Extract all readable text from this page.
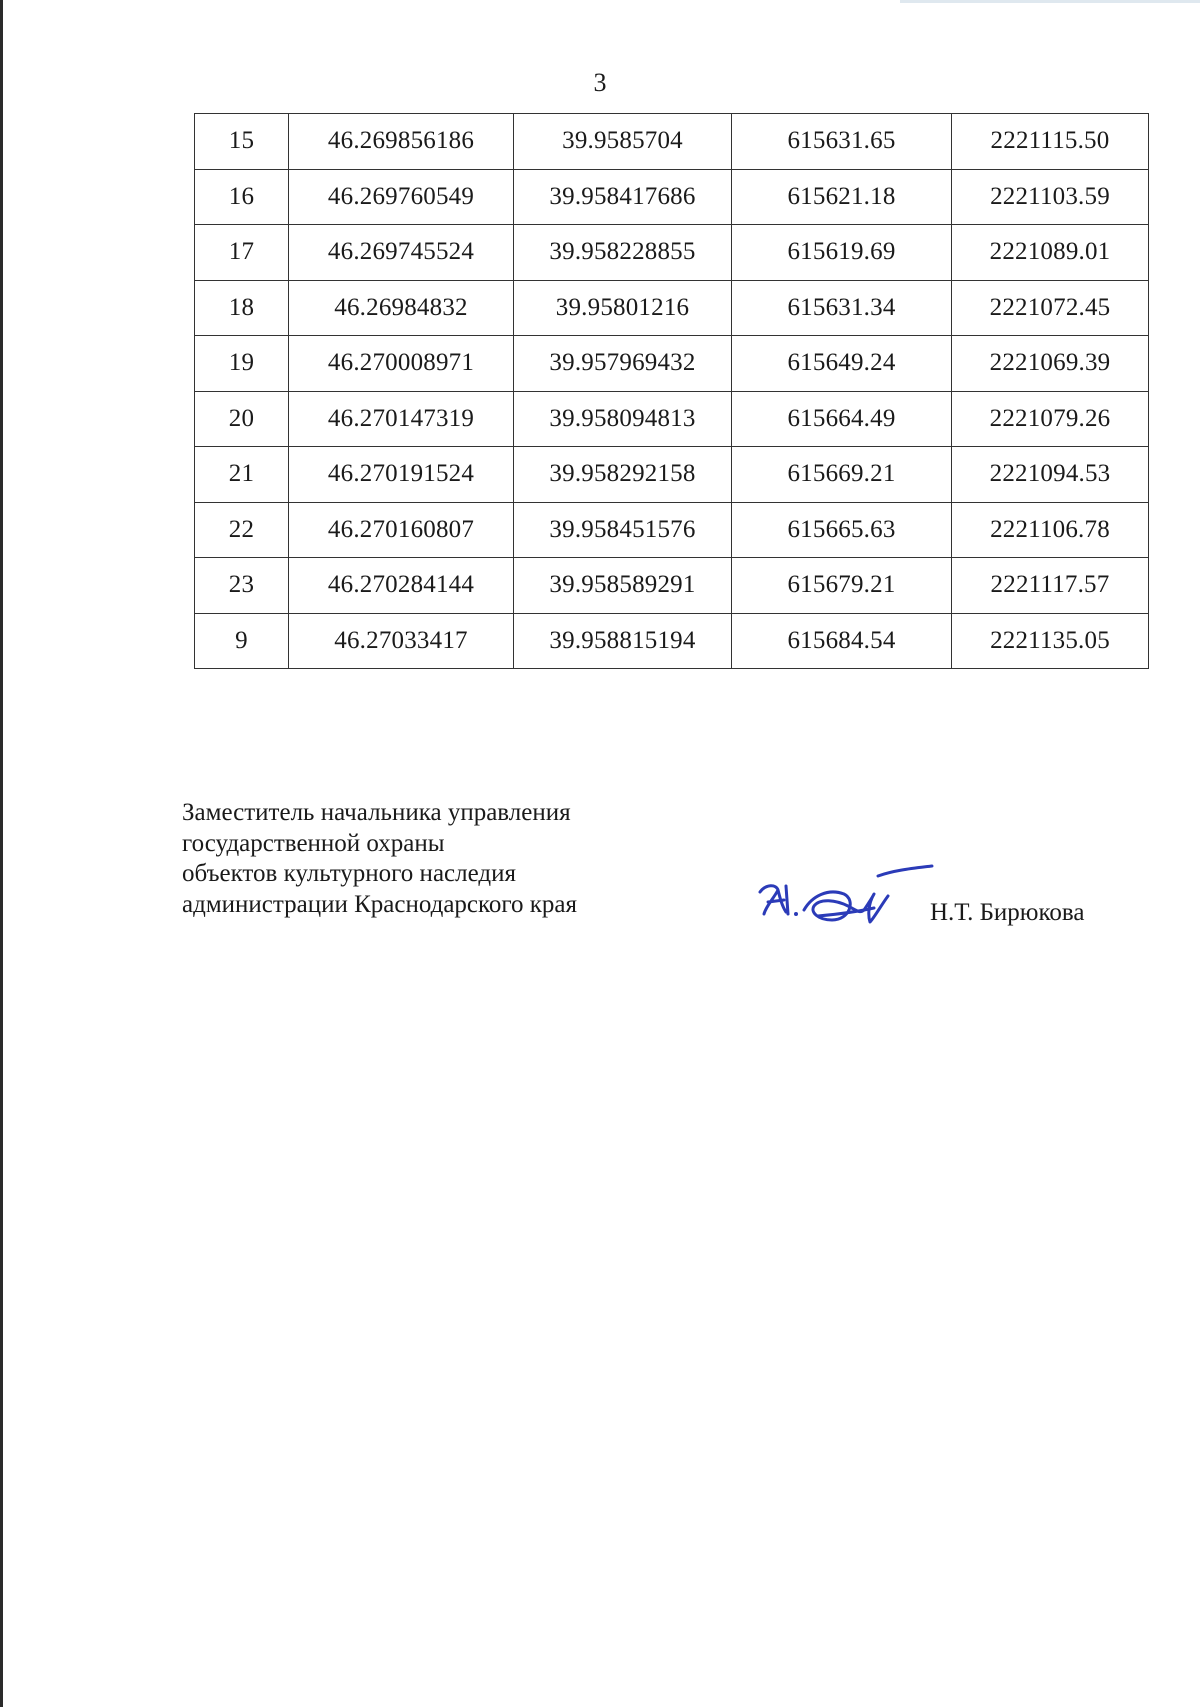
3
15	46.269856186	39.9585704	615631.65	2221115.50
16	46.269760549	39.958417686	615621.18	2221103.59
17	46.269745524	39.958228855	615619.69	2221089.01
18	46.26984832	39.95801216	615631.34	2221072.45
19	46.270008971	39.957969432	615649.24	2221069.39
20	46.270147319	39.958094813	615664.49	2221079.26
21	46.270191524	39.958292158	615669.21	2221094.53
22	46.270160807	39.958451576	615665.63	2221106.78
23	46.270284144	39.958589291	615679.21	2221117.57
9	46.27033417	39.958815194	615684.54	2221135.05
Заместитель начальника управления
государственной охраны
объектов культурного наследия
администрации Краснодарского края	Н.Т. Бирюкова
